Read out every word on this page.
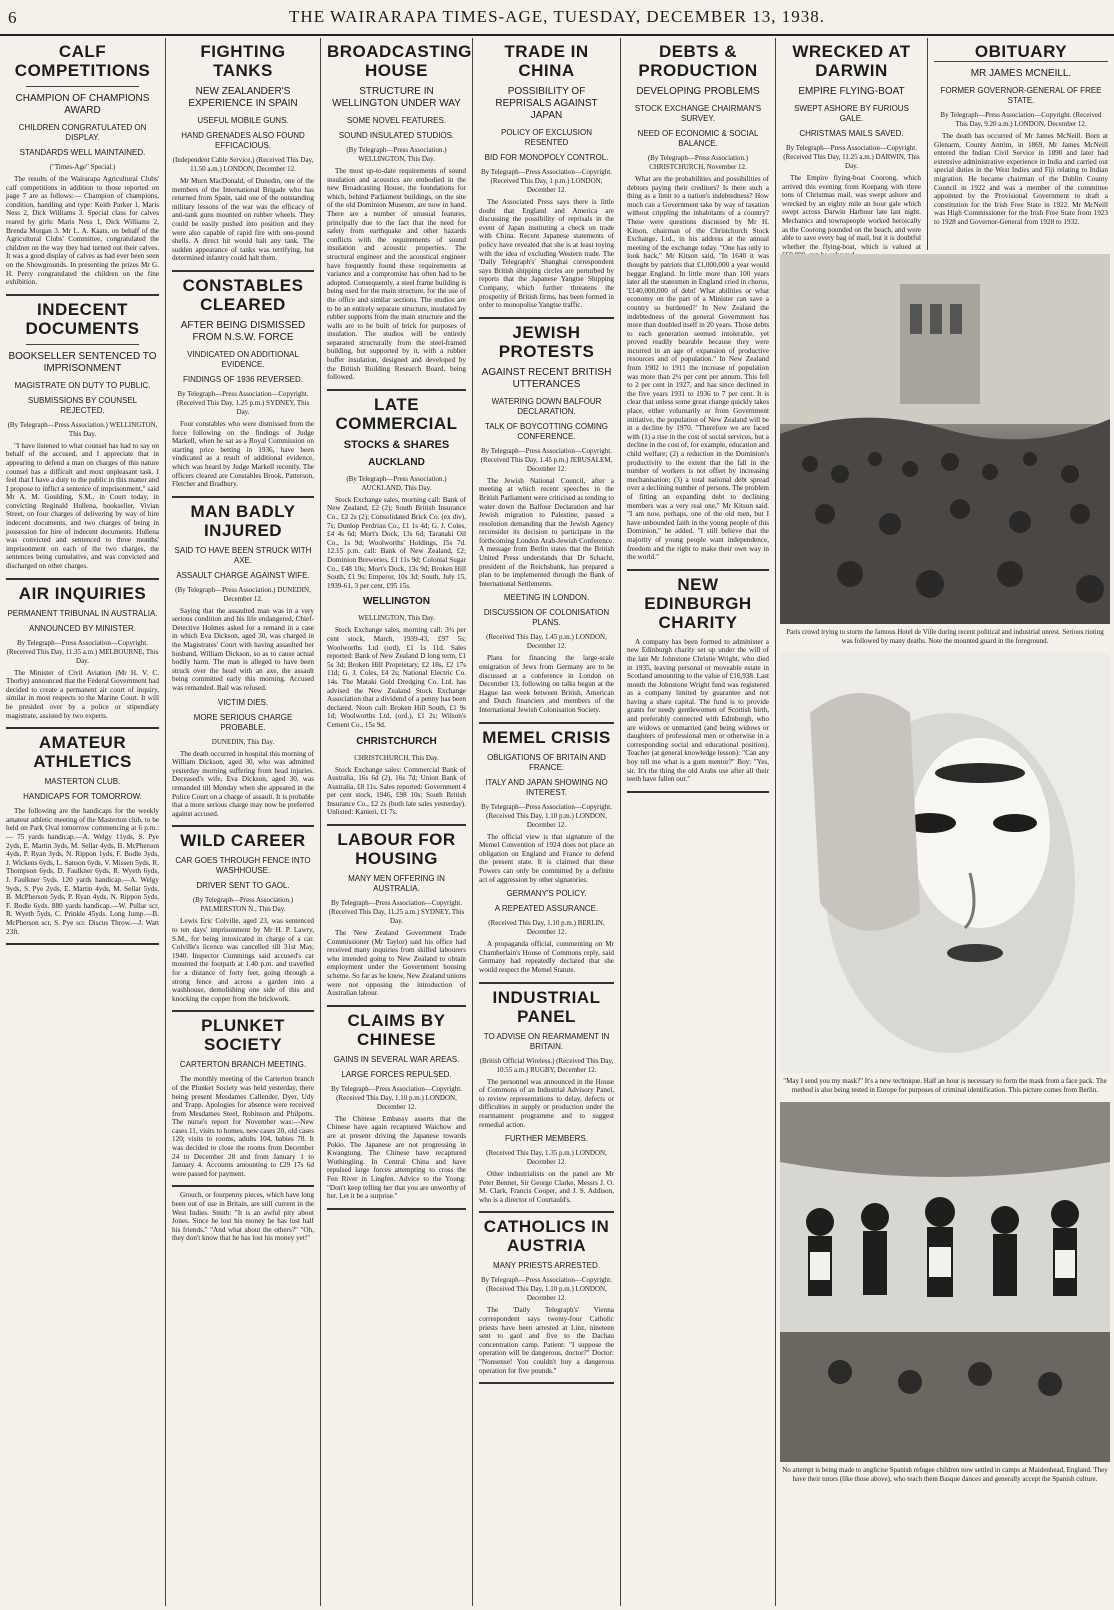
6	THE WAIRARAPA TIMES-AGE, TUESDAY, DECEMBER 13, 1938.
CALF COMPETITIONS
CHAMPION OF CHAMPIONS AWARD
CHILDREN CONGRATULATED ON DISPLAY.
STANDARDS WELL MAINTAINED.
("Times-Age" Special.)

The results of the Wairarapa Agricultural Clubs' calf competitions in addition to those reported on page 7 are as follows:— Champion of champions, condition, handling and type: Keith Parker 1, Maris Ness 2, Dick Williams 3. Special class for calves reared by girls: Maris Ness 1, Dick Williams 2, Brenda Morgan 3. Mr L. A. Kaats, on behalf of the Agricultural Clubs' Committee, congratulated the children on the way they had turned out their calves. It was a good display of calves as had ever been seen on the Showgrounds. In presenting the prizes Mr G. H. Perry congratulated the children on the fine exhibition.

INDECENT DOCUMENTS
BOOKSELLER SENTENCED TO IMPRISONMENT
MAGISTRATE ON DUTY TO PUBLIC.
SUBMISSIONS BY COUNSEL REJECTED.
(By Telegraph—Press Association.) WELLINGTON, This Day.

"I have listened to what counsel has had to say on behalf of the accused, and I appreciate that in appearing to defend a man on charges of this nature counsel has a difficult and most unpleasant task. I feel that I have a duty to the public in this matter and I propose to inflict a sentence of imprisonment," said Mr A. M. Goulding, S.M., in Court today, in convicting Reginald Hullena, bookseller, Vivian Street, on four charges of delivering by way of hire indecent documents, and two charges of being in possession for hire of indecent documents. Hullena was convicted and sentenced to three months' imprisonment on each of the two charges, the sentences being cumulative, and was convicted and discharged on other charges.

AIR INQUIRIES
PERMANENT TRIBUNAL IN AUSTRALIA.
ANNOUNCED BY MINISTER.
By Telegraph—Press Association—Copyright. (Received This Day, 11.35 a.m.) MELBOURNE, This Day.

The Minister of Civil Aviation (Mr H. V. C. Thorby) announced that the Federal Government had decided to create a permanent air court of inquiry, similar in most respects to the Marine Court. It will be presided over by a police or stipendiary magistrate, assisted by two experts.

AMATEUR ATHLETICS
MASTERTON CLUB.
HANDICAPS FOR TOMORROW.

The following are the handicaps for the weekly amateur athletic meeting of the Masterton club, to be held on Park Oval tomorrow commencing at 6 p.m.:— 75 yards handicap.—A. Welgy 11yds, S. Pye 2yds, E. Martin 3yds, M. Sellar 4yds, B. McPherson 4yds, P. Ryan 3yds, N. Rippon 1yds, F. Bodle 3yds, J. Wickens 6yds, L. Sanson 6yds, V. Missen 5yds, R. Thompson 6yds, D. Faulkner 6yds, R. Wyeth 6yds, J. Faulkner 5yds. 120 yards handicap.—A. Welgy 9yds, S. Pye 2yds, E. Martin 4yds, M. Sellar 5yds, B. McPherson 5yds, P. Ryan 4yds, N. Rippon 5yds, F. Bodle 6yds. 880 yards handicap.—W. Pullar scr, R. Wyeth 5yds, C. Prinkle 45yds. Long Jump.—B. McPherson scr, S. Pye scr. Discus Throw.—J. Watt 23ft.

FIGHTING TANKS
NEW ZEALANDER'S EXPERIENCE IN SPAIN
USEFUL MOBILE GUNS.
HAND GRENADES ALSO FOUND EFFICACIOUS.
(Independent Cable Service.) (Received This Day, 11.50 a.m.) LONDON, December 12.

Mr Murn MacDonald, of Dunedin, one of the members of the International Brigade who has returned from Spain, said one of the outstanding military lessons of the war was the efficacy of anti-tank guns mounted on rubber wheels. They could be easily pushed into position and they were also capable of rapid fire with one-pound shells. A direct hit would halt any tank. The sudden appearance of tanks was terrifying, but determined infantry could halt them.

CONSTABLES CLEARED
AFTER BEING DISMISSED FROM N.S.W. FORCE
VINDICATED ON ADDITIONAL EVIDENCE.
FINDINGS OF 1936 REVERSED.
By Telegraph—Press Association—Copyright. (Received This Day, 1.25 p.m.) SYDNEY, This Day.

Four constables who were dismissed from the force following on the findings of Judge Markell, when he sat as a Royal Commission on starting price betting in 1936, have been vindicated as a result of additional evidence, which was heard by Judge Markell recently. The officers cleared are Constables Brook, Patterson, Fletcher and Bradbury.

MAN BADLY INJURED
SAID TO HAVE BEEN STRUCK WITH AXE.
ASSAULT CHARGE AGAINST WIFE.
(By Telegraph—Press Association.) DUNEDIN, December 12.

Saying that the assaulted man was in a very serious condition and his life endangered, Chief-Detective Holmes asked for a remand in a case in which Eva Dickson, aged 30, was charged in the Magistrates' Court with having assaulted her husband, William Dickson, so as to cause actual bodily harm. The man is alleged to have been struck over the head with an axe, the assault being committed early this morning. Accused was remanded. Bail was refused.

VICTIM DIES.
MORE SERIOUS CHARGE PROBABLE.
DUNEDIN, This Day.

The death occurred in hospital this morning of William Dickson, aged 30, who was admitted yesterday morning suffering from head injuries. Deceased's wife, Eva Dickson, aged 30, was remanded till Monday when she appeared in the Police Court on a charge of assault. It is probable that a more serious charge may now be preferred against accused.

WILD CAREER
CAR GOES THROUGH FENCE INTO WASHHOUSE.
DRIVER SENT TO GAOL.
(By Telegraph—Press Association.) PALMERSTON N., This Day.

Lewis Eric Colville, aged 23, was sentenced to ten days' imprisonment by Mr H. P. Lawry, S.M., for being intoxicated in charge of a car. Colville's licence was cancelled till 31st May, 1940. Inspector Cummings said accused's car mounted the footpath at 1.40 p.m. and travelled for a distance of forty feet, going through a strong fence and across a garden into a washhouse, demolishing one side of this and knocking the copper from the brickwork.

PLUNKET SOCIETY
CARTERTON BRANCH MEETING.

The monthly meeting of the Carterton branch of the Plunket Society was held yesterday, there being present Mesdames Callender, Dyer, Udy and Trapp. Apologies for absence were received from Mesdames Steel, Robinson and Philpotts. The nurse's report for November was:—New cases 11, visits to homes, new cases 20, old cases 120; visits to rooms, adults 104, babies 78. It was decided to close the rooms from December 24 to December 28 and from January 1 to January 4. Accounts amounting to £29 17s 6d were passed for payment.

Grouch, or fourpenny pieces, which have long been out of use in Britain, are still current in the West Indies. Smith: "It is an awful pity about Jones. Since he lost his money he has lost half his friends." "And what about the others?" "Oh, they don't know that he has lost his money yet!"

BROADCASTING HOUSE
STRUCTURE IN WELLINGTON UNDER WAY
SOME NOVEL FEATURES.
SOUND INSULATED STUDIOS.
(By Telegraph—Press Association.) WELLINGTON, This Day.

The most up-to-date requirements of sound insulation and acoustics are embodied in the new Broadcasting House, the foundations for which, behind Parliament buildings, on the site of the old Dominion Museum, are now in hand. There are a number of unusual features, principally due to the fact that the need for safety from earthquake and other hazards conflicts with the requirements of sound insulation and acoustic properties. The structural engineer and the acoustical engineer have frequently found these requirements at variance and a compromise has often had to be adopted. Consequently, a steel frame building is being used for the main structure, for the use of the office and similar sections. The studios are to be an entirely separate structure, insulated by rubber supports from the main structure and the walls are to be built of brick for purposes of insulation. The studios will be entirely separated structurally from the steel-framed building, but supported by it, with a rubber buffer insulation, designed and developed by the British Building Research Board, being followed.

LATE COMMERCIAL
STOCKS & SHARES
AUCKLAND
(By Telegraph—Press Association.) AUCKLAND, This Day.

Stock Exchange sales, morning call: Bank of New Zealand, £2 (2); South British Insurance Co., £2 2s (2); Consolidated Brick Co. (ex div), 7s; Dunlop Perdriau Co., £1 1s 4d; G. J. Coles, £4 4s 6d; Mort's Dock, 13s 6d; Taranaki Oil Co., 1s 9d; Woolworths' Holdings, 15s 7d. 12.15 p.m. call: Bank of New Zealand, £2; Dominion Breweries, £1 11s 9d; Colonial Sugar Co., £48 10s; Mort's Dock, 13s 9d; Broken Hill South, £1 9s; Emperor, 10s 3d; South, July 15, 1939-61, 3 per cent, £95 15s.

WELLINGTON
WELLINGTON, This Day.

Stock Exchange sales, morning call: 3¾ per cent stock, March, 1939-43, £97 5s; Woolworths Ltd (ord), £1 1s 11d. Sales reported: Bank of New Zealand D long term, £1 5s 3d; Broken Hill Proprietary, £2 18s, £2 17s 11d; G. J. Coles, £4 2s; National Electric Co. 14s. The Mataki Gold Dredging Co. Ltd. has advised the New Zealand Stock Exchange Association that a dividend of a penny has been declared. Noon call: Broken Hill South, £1 9s 1d; Woolworths Ltd. (ord.), £1 2s; Wilson's Cement Co., 15s 9d.

CHRISTCHURCH
CHRISTCHURCH, This Day.

Stock Exchange sales: Commercial Bank of Australia, 16s 6d (2), 16s 7d; Union Bank of Australia, £8 11s. Sales reported: Government 4 per cent stock, 1946, £98 10s; South British Insurance Co., £2 2s (both late sales yesterday). Unlisted: Kanieri, £1 7s.

LABOUR FOR HOUSING
MANY MEN OFFERING IN AUSTRALIA.
By Telegraph—Press Association—Copyright. (Received This Day, 11.25 a.m.) SYDNEY, This Day.

The New Zealand Government Trade Commissioner (Mr Taylor) said his office had received many inquiries from skilled labourers who intended going to New Zealand to obtain employment under the Government housing scheme. So far as he knew, New Zealand unions were not opposing the introduction of Australian labour.

CLAIMS BY CHINESE
GAINS IN SEVERAL WAR AREAS.
LARGE FORCES REPULSED.
By Telegraph—Press Association—Copyright. (Received This Day, 1.10 p.m.) LONDON, December 12.

The Chinese Embassy asserts that the Chinese have again recaptured Waichow and are at present driving the Japanese towards Pokio. The Japanese are not progressing in Kwangtung. The Chinese have recaptured Wuthingling. In Central China and have repulsed large forces attempting to cross the Fen River in Lingfen. Advice to the Young: "Don't keep telling her that you are unworthy of her. Let it be a surprise."

TRADE IN CHINA
POSSIBILITY OF REPRISALS AGAINST JAPAN
POLICY OF EXCLUSION RESENTED
BID FOR MONOPOLY CONTROL.
By Telegraph—Press Association—Copyright. (Received This Day, 1 p.m.) LONDON, December 12.

The Associated Press says there is little doubt that England and America are discussing the possibility of reprisals in the event of Japan instituting a check on trade with China. Recent Japanese statements of policy have revealed that she is at least toying with the idea of excluding Western trade. The 'Daily Telegraph's' Shanghai correspondent says British shipping circles are perturbed by reports that the Japanese Yangtse Shipping Company, which further threatens the prosperity of British firms, has been formed in order to monopolise Yangtse traffic.

JEWISH PROTESTS
AGAINST RECENT BRITISH UTTERANCES
WATERING DOWN BALFOUR DECLARATION.
TALK OF BOYCOTTING COMING CONFERENCE.
By Telegraph—Press Association—Copyright. (Received This Day, 1.45 p.m.) JERUSALEM, December 12.

The Jewish National Council, after a meeting at which recent speeches in the British Parliament were criticised as tending to water down the Balfour Declaration and bar Jewish migration to Palestine, passed a resolution demanding that the Jewish Agency reconsider its decision to participate in the forthcoming London Arab-Jewish Conference. A message from Berlin states that the British United Press understands that Dr Schacht, president of the Reichsbank, has prepared a plan to be implemented through the Bank of International Settlements.

MEETING IN LONDON.
DISCUSSION OF COLONISATION PLANS.
(Received This Day, 1.45 p.m.) LONDON, December 12.

Plans for financing the large-scale emigration of Jews from Germany are to be discussed at a conference in London on December 13, following on talks begun at the Hague last week between British, American and Dutch financiers and members of the International Jewish Colonisation Society.

MEMEL CRISIS
OBLIGATIONS OF BRITAIN AND FRANCE.
ITALY AND JAPAN SHOWING NO INTEREST.
By Telegraph—Press Association—Copyright. (Received This Day, 1.10 p.m.) LONDON, December 12.

The official view is that signature of the Memel Convention of 1924 does not place an obligation on England and France to defend the present state. It is claimed that these Powers can only be committed by a definite act of aggression by other signatories.

GERMANY'S POLICY.
A REPEATED ASSURANCE.
(Received This Day, 1.10 p.m.) BERLIN, December 12.

A propaganda official, commenting on Mr Chamberlain's House of Commons reply, said Germany had repeatedly declared that she would respect the Memel Statute.

INDUSTRIAL PANEL
TO ADVISE ON REARMAMENT IN BRITAIN.
(British Official Wireless.) (Received This Day, 10.55 a.m.) RUGBY, December 12.

The personnel was announced in the House of Commons of an Industrial Advisory Panel, to review representations to delay, defects or difficulties in supply or production under the rearmament programme and to suggest remedial action.

FURTHER MEMBERS.
(Received This Day, 1.35 p.m.) LONDON, December 12.

Other industrialists on the panel are Mr Peter Bennet, Sir George Clarke, Messrs J. O. M. Clark, Francis Cooper, and J. S. Addison, who is a director of Courtauld's.

CATHOLICS IN AUSTRIA
MANY PRIESTS ARRESTED.
By Telegraph—Press Association—Copyright. (Received This Day, 1.10 p.m.) LONDON, December 12.

The 'Daily Telegraph's' Vienna correspondent says twenty-four Catholic priests have been arrested at Linz, nineteen sent to gaol and five to the Dachau concentration camp. Patient: "I suppose the operation will be dangerous, doctor?" Doctor: "Nonsense! You couldn't buy a dangerous operation for five pounds."

DEBTS & PRODUCTION
DEVELOPING PROBLEMS
STOCK EXCHANGE CHAIRMAN'S SURVEY.
NEED OF ECONOMIC & SOCIAL BALANCE.
(By Telegraph—Press Association.) CHRISTCHURCH, November 12.

What are the probabilities and possibilities of debtors paying their creditors? Is there such a thing as a limit to a nation's indebtedness? How much can a Government take by way of taxation without crippling the inhabitants of a country? These were questions discussed by Mr H. Kitson, chairman of the Christchurch Stock Exchange, Ltd., in his address at the annual meeting of the exchange today. "One has only to look back," Mr Kitson said, "In 1640 it was thought by patriots that £1,000,000 a year would beggar England. In little more than 100 years later all the statesmen in England cried in chorus, '£140,000,000 of debt! What abilities or what economy on the part of a Minister can save a country so burdened?' In New Zealand the indebtedness of the general Government has more than doubled itself in 20 years. Those debts to each generation seemed intolerable, yet proved readily bearable because they were incurred in an age of expansion of productive resources and of population." In New Zealand from 1902 to 1911 the increase of population was more than 2¼ per cent per annum. This fell to 2 per cent in 1927, and has since declined in the five years 1931 to 1936 to 7 per cent. It is clear that unless some great change quickly takes place, either voluntarily or from Government initiative, the population of New Zealand will be in a decline by 1970. "Therefore we are faced with (1) a rise in the cost of social services, but a decline in the cost of, for example, education and child welfare; (2) a reduction in the Dominion's productivity to the extent that the fall in the number of workers is not offset by increasing mechanisation; (3) a total national debt spread over a declining number of persons. The problem of fitting an expanding debt to declining members was a very real one," Mr Kitson said. "I am now, perhaps, one of the old men, but I have unbounded faith in the young people of this Dominion," he added. "I still believe that the majority of young people want independence, freedom and the right to make their own way in the world."

NEW EDINBURGH CHARITY

A company has been formed to administer a new Edinburgh charity set up under the will of the late Mr Johnstone Christie Wright, who died in 1935, leaving personal or moveable estate in Scotland amounting to the value of £16,938. Last month the Johnstone Wright fund was registered as a company limited by guarantee and not having a share capital. The fund is to provide grants for needy gentlewomen of Scottish birth, and preferably connected with Edinburgh, who are widows or unmarried (and being widows or daughters of professional men or otherwise in a corresponding social and educational position). Teacher (at general knowledge lesson): "Can any boy tell me what is a gum mentor?" Boy: "Yes, sir. It's the thing the old Arabs use after all their teeth have fallen out."

WRECKED AT DARWIN
EMPIRE FLYING-BOAT
SWEPT ASHORE BY FURIOUS GALE.
CHRISTMAS MAILS SAVED.
By Telegraph—Press Association—Copyright. (Received This Day, 11.25 a.m.) DARWIN, This Day.

The Empire flying-boat Coorong, which arrived this evening from Koepang with three tons of Christmas mail, was swept ashore and wrecked by an eighty mile an hour gale which swept across Darwin Harbour late last night. Mechanics and townspeople worked heroically as the Coorong pounded on the beach, and were able to save every bag of mail, but it is doubtful whether the flying-boat, which is valued at

OBITUARY
MR JAMES MCNEILL.
FORMER GOVERNOR-GENERAL OF FREE STATE.
By Telegraph—Press Association—Copyright. (Received This Day, 9.20 a.m.) LONDON, December 12.

The death has occurred of Mr James McNeill. Born at Glenarm, County Antrim, in 1869, Mr James McNeill entered the Indian Civil Service in 1890 and later had extensive administrative experience in India and carried out special duties in the West Indies and Fiji relating to Indian migration. He became chairman of the Dublin County Council in 1922 and was a member of the committee appointed by the Provisional Government to draft a constitution for the Irish Free State in 1922. Mr McNeill was High Commissioner for the Irish Free State from 1923 to 1928 and Governor-General from 1928 to 1932.

Paris crowd trying to storm the famous Hotel de Ville during recent political and industrial unrest. Serious rioting was followed by many deaths. Note the mounted guard in the foreground.
"May I send you my mask?" It's a new technique. Half an hour is necessary to form the mask from a face pack. The method is also being tested in Europe for purposes of criminal identification. This picture comes from Berlin.
No attempt is being made to anglicise Spanish refugee children now settled in camps at Maidenhead, England. They have their tutors (like those above), who teach them Basque dances and generally accept the Spanish culture.
